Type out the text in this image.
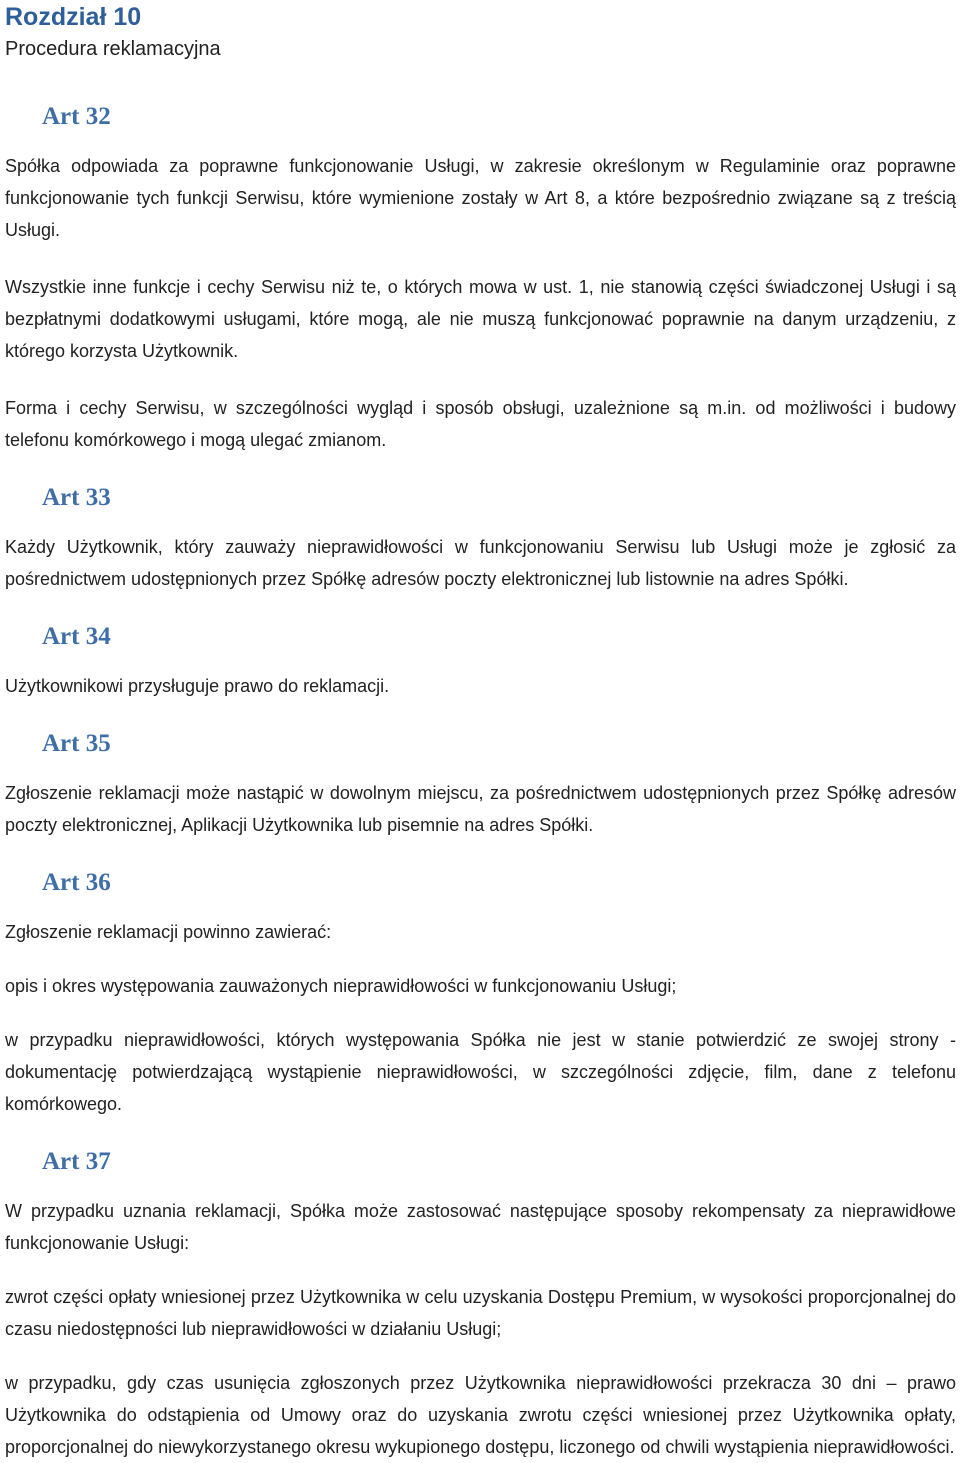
Rozdział 10
Procedura reklamacyjna
Art 32

Spółka odpowiada za poprawne funkcjonowanie Usługi, w zakresie określonym w Regulaminie oraz poprawne funkcjonowanie tych funkcji Serwisu, które wymienione zostały w Art 8, a które bezpośrednio związane są z treścią Usługi.

Wszystkie inne funkcje i cechy Serwisu niż te, o których mowa w ust. 1, nie stanowią części świadczonej Usługi i są bezpłatnymi dodatkowymi usługami, które mogą, ale nie muszą funkcjonować poprawnie na danym urządzeniu, z którego korzysta Użytkownik.

Forma i cechy Serwisu, w szczególności wygląd i sposób obsługi, uzależnione są m.in. od możliwości i budowy telefonu komórkowego i mogą ulegać zmianom.

Art 33

Każdy Użytkownik, który zauważy nieprawidłowości w funkcjonowaniu Serwisu lub Usługi może je zgłosić za pośrednictwem udostępnionych przez Spółkę adresów poczty elektronicznej lub listownie na adres Spółki.

Art 34

Użytkownikowi przysługuje prawo do reklamacji.

Art 35

Zgłoszenie reklamacji może nastąpić w dowolnym miejscu, za pośrednictwem udostępnionych przez Spółkę adresów poczty elektronicznej, Aplikacji Użytkownika lub pisemnie na adres Spółki.

Art 36

Zgłoszenie reklamacji powinno zawierać:

opis i okres występowania zauważonych nieprawidłowości w funkcjonowaniu Usługi;

w przypadku nieprawidłowości, których występowania Spółka nie jest w stanie potwierdzić ze swojej strony - dokumentację potwierdzającą wystąpienie nieprawidłowości, w szczególności zdjęcie, film, dane z telefonu komórkowego.

Art 37

W przypadku uznania reklamacji, Spółka może zastosować następujące sposoby rekompensaty za nieprawidłowe funkcjonowanie Usługi:

zwrot części opłaty wniesionej przez Użytkownika w celu uzyskania Dostępu Premium, w wysokości proporcjonalnej do czasu niedostępności lub nieprawidłowości w działaniu Usługi;

w przypadku, gdy czas usunięcia zgłoszonych przez Użytkownika nieprawidłowości przekracza 30 dni – prawo Użytkownika do odstąpienia od Umowy oraz do uzyskania zwrotu części wniesionej przez Użytkownika opłaty, proporcjonalnej do niewykorzystanego okresu wykupionego dostępu, liczonego od chwili wystąpienia nieprawidłowości.
